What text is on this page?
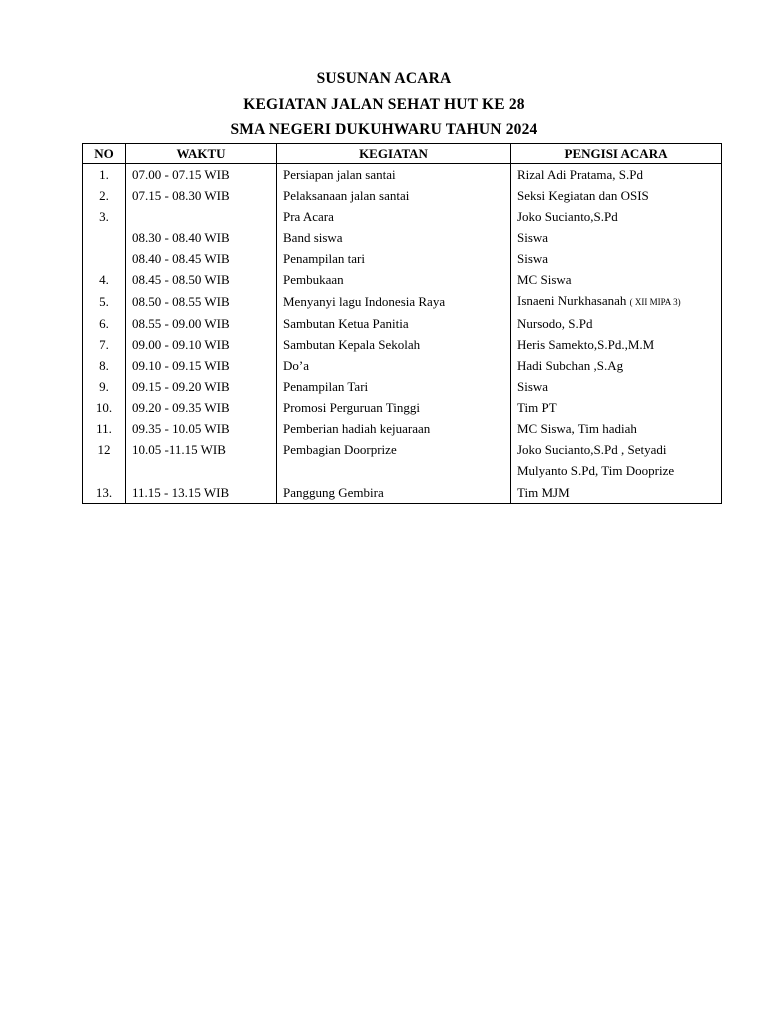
SUSUNAN ACARA
KEGIATAN JALAN SEHAT HUT KE 28
SMA NEGERI DUKUHWARU TAHUN 2024
NO	WAKTU	KEGIATAN	PENGISI ACARA
1.	07.00 - 07.15 WIB	Persiapan jalan santai	Rizal Adi Pratama, S.Pd
2.	07.15 - 08.30 WIB	Pelaksanaan jalan santai	Seksi Kegiatan dan OSIS
3.		Pra Acara	Joko Sucianto,S.Pd
	08.30 - 08.40 WIB	Band siswa	Siswa
	08.40 - 08.45 WIB	Penampilan tari	Siswa
4.	08.45 - 08.50 WIB	Pembukaan	MC Siswa
5.	08.50 - 08.55 WIB	Menyanyi lagu Indonesia Raya	Isnaeni Nurkhasanah ( XII MIPA 3)
6.	08.55 - 09.00 WIB	Sambutan Ketua Panitia	Nursodo, S.Pd
7.	09.00 - 09.10 WIB	Sambutan Kepala Sekolah	Heris Samekto,S.Pd.,M.M
8.	09.10 - 09.15 WIB	Do’a	Hadi Subchan ,S.Ag
9.	09.15 - 09.20 WIB	Penampilan Tari	Siswa
10.	09.20 - 09.35 WIB	Promosi Perguruan Tinggi	Tim PT
11.	09.35 - 10.05 WIB	Pemberian hadiah kejuaraan	MC Siswa, Tim hadiah
12	10.05 -11.15 WIB	Pembagian Doorprize	Joko Sucianto,S.Pd , Setyadi
			Mulyanto S.Pd, Tim Dooprize
13.	11.15 - 13.15 WIB	Panggung Gembira	Tim MJM
